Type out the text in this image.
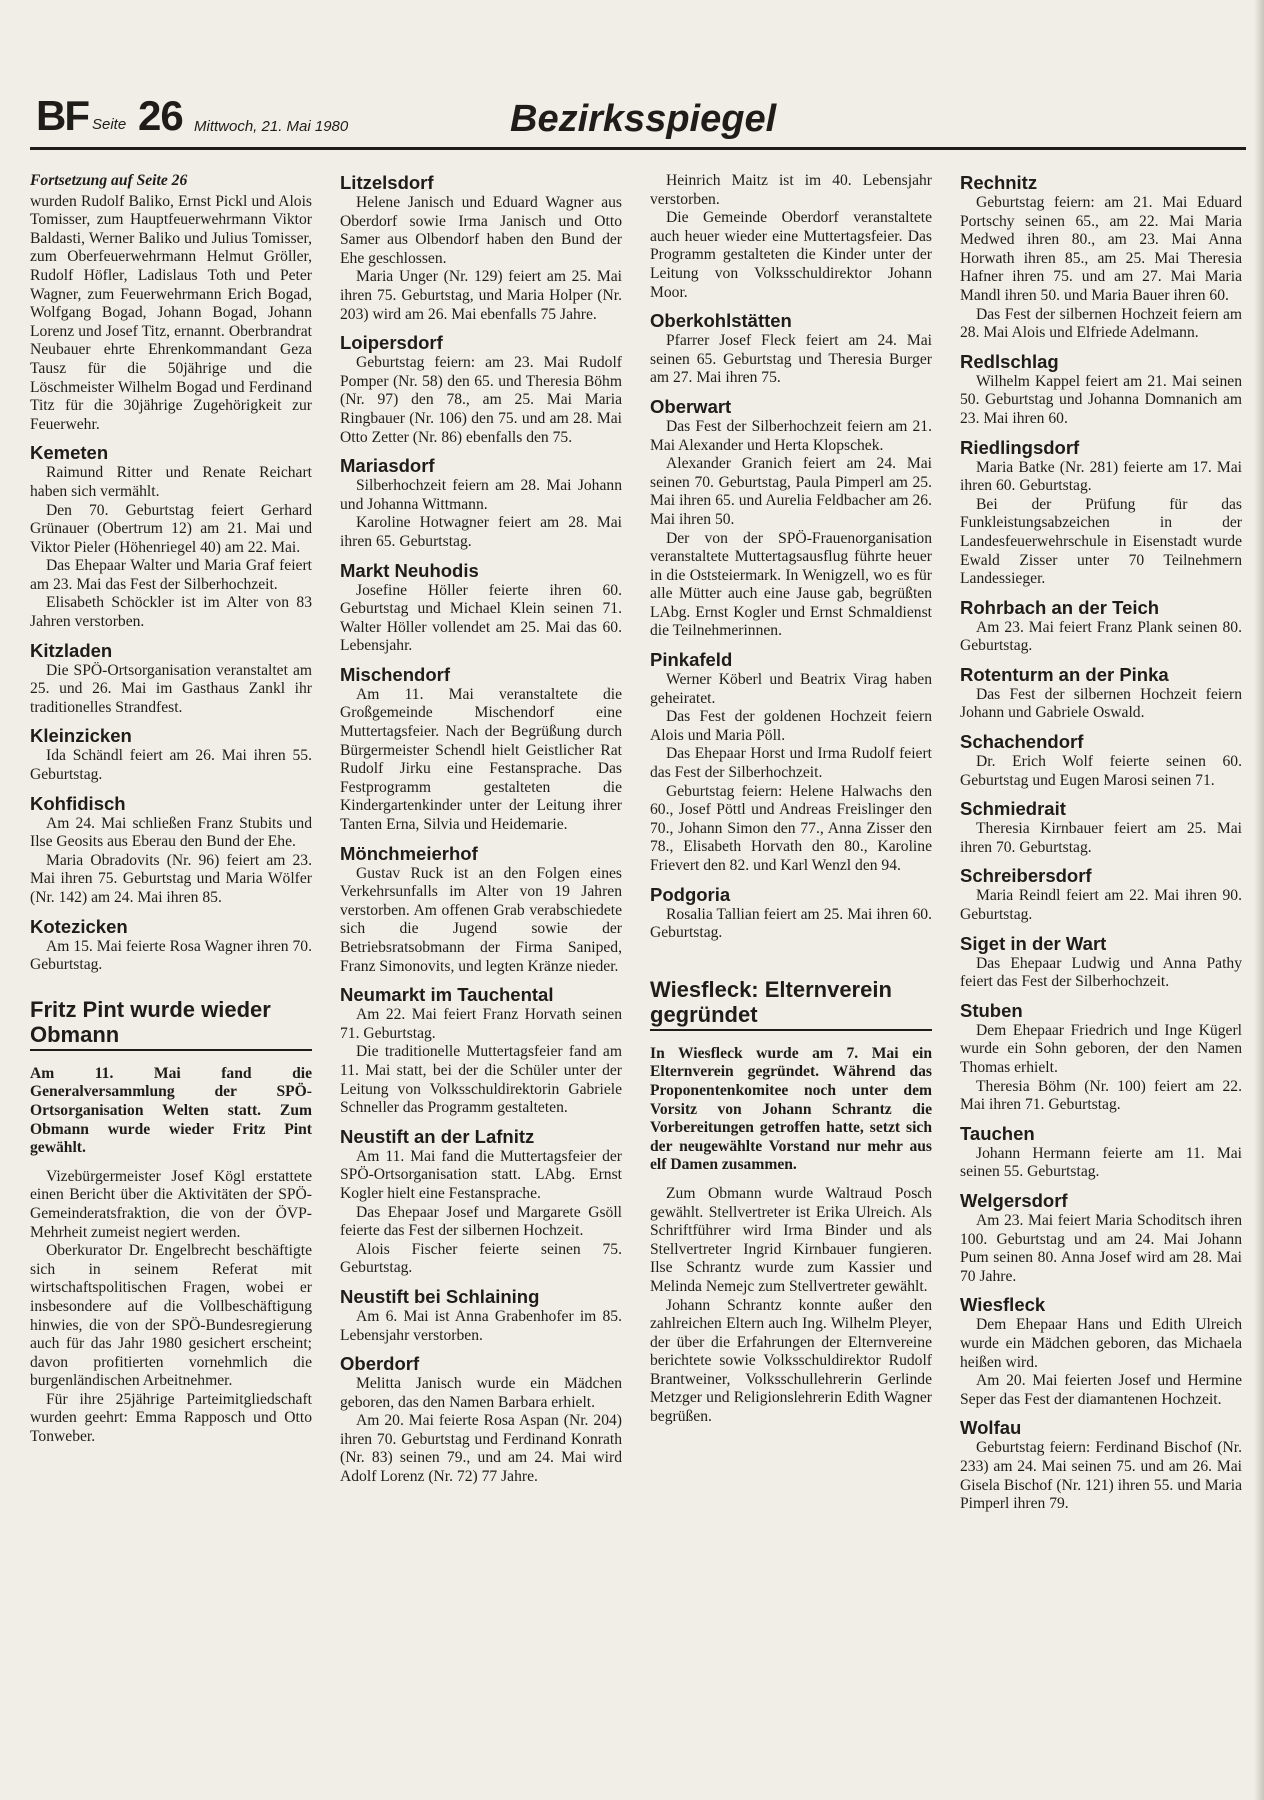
BF Seite 26 Mittwoch, 21. Mai 1980	Bezirksspiegel

Fortsetzung auf Seite 26

wurden Rudolf Baliko, Ernst Pickl und Alois Tomisser, zum Hauptfeuerwehrmann Viktor Baldasti, Werner Baliko und Julius Tomisser, zum Oberfeuerwehrmann Helmut Gröller, Rudolf Höfler, Ladislaus Toth und Peter Wagner, zum Feuerwehrmann Erich Bogad, Wolfgang Bogad, Johann Bogad, Johann Lorenz und Josef Titz, ernannt. Oberbrandrat Neubauer ehrte Ehrenkommandant Geza Tausz für die 50jährige und die Löschmeister Wilhelm Bogad und Ferdinand Titz für die 30jährige Zugehörigkeit zur Feuerwehr.

Kemeten

Raimund Ritter und Renate Reichart haben sich vermählt.

Den 70. Geburtstag feiert Gerhard Grünauer (Obertrum 12) am 21. Mai und Viktor Pieler (Höhenriegel 40) am 22. Mai.

Das Ehepaar Walter und Maria Graf feiert am 23. Mai das Fest der Silberhochzeit.

Elisabeth Schöckler ist im Alter von 83 Jahren verstorben.

Kitzladen

Die SPÖ-Ortsorganisation veranstaltet am 25. und 26. Mai im Gasthaus Zankl ihr traditionelles Strandfest.

Kleinzicken

Ida Schändl feiert am 26. Mai ihren 55. Geburtstag.

Kohfidisch

Am 24. Mai schließen Franz Stubits und Ilse Geosits aus Eberau den Bund der Ehe.

Maria Obradovits (Nr. 96) feiert am 23. Mai ihren 75. Geburtstag und Maria Wölfer (Nr. 142) am 24. Mai ihren 85.

Kotezicken

Am 15. Mai feierte Rosa Wagner ihren 70. Geburtstag.

Fritz Pint wurde wieder Obmann

Am 11. Mai fand die Generalversammlung der SPÖ-Ortsorganisation Welten statt. Zum Obmann wurde wieder Fritz Pint gewählt.

Vizebürgermeister Josef Kögl erstattete einen Bericht über die Aktivitäten der SPÖ-Gemeinderatsfraktion, die von der ÖVP-Mehrheit zumeist negiert werden.

Oberkurator Dr. Engelbrecht beschäftigte sich in seinem Referat mit wirtschaftspolitischen Fragen, wobei er insbesondere auf die Vollbeschäftigung hinwies, die von der SPÖ-Bundesregierung auch für das Jahr 1980 gesichert erscheint; davon profitierten vornehmlich die burgenländischen Arbeitnehmer.

Für ihre 25jährige Parteimitgliedschaft wurden geehrt: Emma Rapposch und Otto Tonweber.

Litzelsdorf

Helene Janisch und Eduard Wagner aus Oberdorf sowie Irma Janisch und Otto Samer aus Olbendorf haben den Bund der Ehe geschlossen.

Maria Unger (Nr. 129) feiert am 25. Mai ihren 75. Geburtstag, und Maria Holper (Nr. 203) wird am 26. Mai ebenfalls 75 Jahre.

Loipersdorf

Geburtstag feiern: am 23. Mai Rudolf Pomper (Nr. 58) den 65. und Theresia Böhm (Nr. 97) den 78., am 25. Mai Maria Ringbauer (Nr. 106) den 75. und am 28. Mai Otto Zetter (Nr. 86) ebenfalls den 75.

Mariasdorf

Silberhochzeit feiern am 28. Mai Johann und Johanna Wittmann.

Karoline Hotwagner feiert am 28. Mai ihren 65. Geburtstag.

Markt Neuhodis

Josefine Höller feierte ihren 60. Geburtstag und Michael Klein seinen 71. Walter Höller vollendet am 25. Mai das 60. Lebensjahr.

Mischendorf

Am 11. Mai veranstaltete die Großgemeinde Mischendorf eine Muttertagsfeier. Nach der Begrüßung durch Bürgermeister Schendl hielt Geistlicher Rat Rudolf Jirku eine Festansprache. Das Festprogramm gestalteten die Kindergartenkinder unter der Leitung ihrer Tanten Erna, Silvia und Heidemarie.

Mönchmeierhof

Gustav Ruck ist an den Folgen eines Verkehrsunfalls im Alter von 19 Jahren verstorben. Am offenen Grab verabschiedete sich die Jugend sowie der Betriebsratsobmann der Firma Saniped, Franz Simonovits, und legten Kränze nieder.

Neumarkt im Tauchental

Am 22. Mai feiert Franz Horvath seinen 71. Geburtstag.

Die traditionelle Muttertagsfeier fand am 11. Mai statt, bei der die Schüler unter der Leitung von Volksschuldirektorin Gabriele Schneller das Programm gestalteten.

Neustift an der Lafnitz

Am 11. Mai fand die Muttertagsfeier der SPÖ-Ortsorganisation statt. LAbg. Ernst Kogler hielt eine Festansprache.

Das Ehepaar Josef und Margarete Gsöll feierte das Fest der silbernen Hochzeit.

Alois Fischer feierte seinen 75. Geburtstag.

Neustift bei Schlaining

Am 6. Mai ist Anna Grabenhofer im 85. Lebensjahr verstorben.

Oberdorf

Melitta Janisch wurde ein Mädchen geboren, das den Namen Barbara erhielt.

Am 20. Mai feierte Rosa Aspan (Nr. 204) ihren 70. Geburtstag und Ferdinand Konrath (Nr. 83) seinen 79., und am 24. Mai wird Adolf Lorenz (Nr. 72) 77 Jahre.

Heinrich Maitz ist im 40. Lebensjahr verstorben.

Die Gemeinde Oberdorf veranstaltete auch heuer wieder eine Muttertagsfeier. Das Programm gestalteten die Kinder unter der Leitung von Volksschuldirektor Johann Moor.

Oberkohlstätten

Pfarrer Josef Fleck feiert am 24. Mai seinen 65. Geburtstag und Theresia Burger am 27. Mai ihren 75.

Oberwart

Das Fest der Silberhochzeit feiern am 21. Mai Alexander und Herta Klopschek.

Alexander Granich feiert am 24. Mai seinen 70. Geburtstag, Paula Pimperl am 25. Mai ihren 65. und Aurelia Feldbacher am 26. Mai ihren 50.

Der von der SPÖ-Frauenorganisation veranstaltete Muttertagsausflug führte heuer in die Oststeiermark. In Wenigzell, wo es für alle Mütter auch eine Jause gab, begrüßten LAbg. Ernst Kogler und Ernst Schmaldienst die Teilnehmerinnen.

Pinkafeld

Werner Köberl und Beatrix Virag haben geheiratet.

Das Fest der goldenen Hochzeit feiern Alois und Maria Pöll.

Das Ehepaar Horst und Irma Rudolf feiert das Fest der Silberhochzeit.

Geburtstag feiern: Helene Halwachs den 60., Josef Pöttl und Andreas Freislinger den 70., Johann Simon den 77., Anna Zisser den 78., Elisabeth Horvath den 80., Karoline Frievert den 82. und Karl Wenzl den 94.

Podgoria

Rosalia Tallian feiert am 25. Mai ihren 60. Geburtstag.

Wiesfleck: Elternverein gegründet

In Wiesfleck wurde am 7. Mai ein Elternverein gegründet. Während das Proponentenkomitee noch unter dem Vorsitz von Johann Schrantz die Vorbereitungen getroffen hatte, setzt sich der neugewählte Vorstand nur mehr aus elf Damen zusammen.

Zum Obmann wurde Waltraud Posch gewählt. Stellvertreter ist Erika Ulreich. Als Schriftführer wird Irma Binder und als Stellvertreter Ingrid Kirnbauer fungieren. Ilse Schrantz wurde zum Kassier und Melinda Nemejc zum Stellvertreter gewählt.

Johann Schrantz konnte außer den zahlreichen Eltern auch Ing. Wilhelm Pleyer, der über die Erfahrungen der Elternvereine berichtete sowie Volksschuldirektor Rudolf Brantweiner, Volksschullehrerin Gerlinde Metzger und Religionslehrerin Edith Wagner begrüßen.

Rechnitz

Geburtstag feiern: am 21. Mai Eduard Portschy seinen 65., am 22. Mai Maria Medwed ihren 80., am 23. Mai Anna Horwath ihren 85., am 25. Mai Theresia Hafner ihren 75. und am 27. Mai Maria Mandl ihren 50. und Maria Bauer ihren 60.

Das Fest der silbernen Hochzeit feiern am 28. Mai Alois und Elfriede Adelmann.

Redlschlag

Wilhelm Kappel feiert am 21. Mai seinen 50. Geburtstag und Johanna Domnanich am 23. Mai ihren 60.

Riedlingsdorf

Maria Batke (Nr. 281) feierte am 17. Mai ihren 60. Geburtstag.

Bei der Prüfung für das Funkleistungsabzeichen in der Landesfeuerwehrschule in Eisenstadt wurde Ewald Zisser unter 70 Teilnehmern Landessieger.

Rohrbach an der Teich

Am 23. Mai feiert Franz Plank seinen 80. Geburtstag.

Rotenturm an der Pinka

Das Fest der silbernen Hochzeit feiern Johann und Gabriele Oswald.

Schachendorf

Dr. Erich Wolf feierte seinen 60. Geburtstag und Eugen Marosi seinen 71.

Schmiedrait

Theresia Kirnbauer feiert am 25. Mai ihren 70. Geburtstag.

Schreibersdorf

Maria Reindl feiert am 22. Mai ihren 90. Geburtstag.

Siget in der Wart

Das Ehepaar Ludwig und Anna Pathy feiert das Fest der Silberhochzeit.

Stuben

Dem Ehepaar Friedrich und Inge Kügerl wurde ein Sohn geboren, der den Namen Thomas erhielt.

Theresia Böhm (Nr. 100) feiert am 22. Mai ihren 71. Geburtstag.

Tauchen

Johann Hermann feierte am 11. Mai seinen 55. Geburtstag.

Welgersdorf

Am 23. Mai feiert Maria Schoditsch ihren 100. Geburtstag und am 24. Mai Johann Pum seinen 80. Anna Josef wird am 28. Mai 70 Jahre.

Wiesfleck

Dem Ehepaar Hans und Edith Ulreich wurde ein Mädchen geboren, das Michaela heißen wird.

Am 20. Mai feierten Josef und Hermine Seper das Fest der diamantenen Hochzeit.

Wolfau

Geburtstag feiern: Ferdinand Bischof (Nr. 233) am 24. Mai seinen 75. und am 26. Mai Gisela Bischof (Nr. 121) ihren 55. und Maria Pimperl ihren 79.
